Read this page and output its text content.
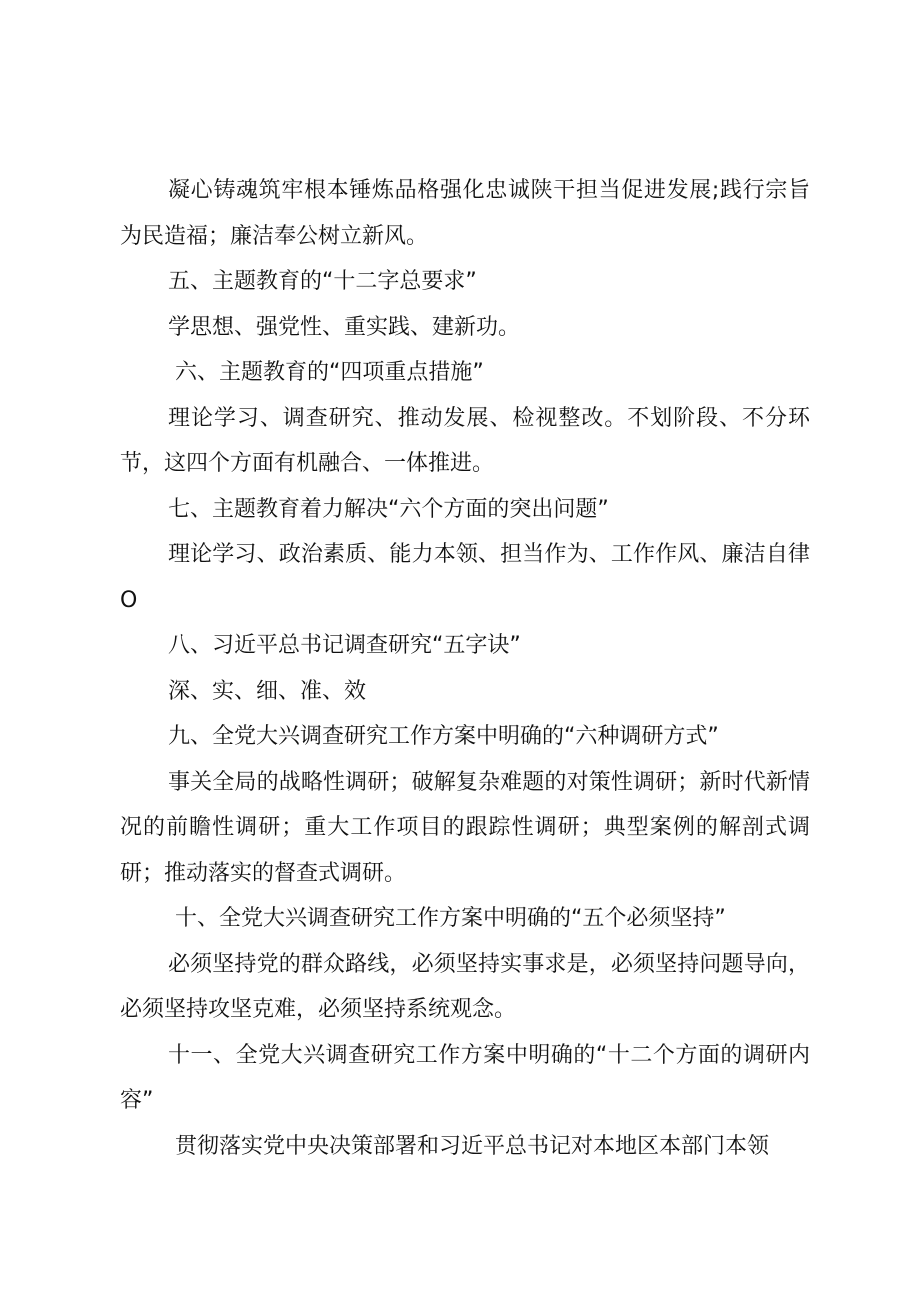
凝心铸魂筑牢根本锤炼品格强化忠诚陕干担当促进发展;践行宗旨为民造福；廉洁奉公树立新风。

五、主题教育的“十二字总要求”

学思想、强党性、重实践、建新功。

六、主题教育的“四项重点措施”

理论学习、调查研究、推动发展、检视整改。不划阶段、不分环节，这四个方面有机融合、一体推进。

七、主题教育着力解决“六个方面的突出问题”

理论学习、政治素质、能力本领、担当作为、工作作风、廉洁自律O

八、习近平总书记调查研究“五字诀”

深、实、细、准、效

九、全党大兴调查研究工作方案中明确的“六种调研方式”

事关全局的战略性调研；破解复杂难题的对策性调研；新时代新情况的前瞻性调研；重大工作项目的跟踪性调研；典型案例的解剖式调研；推动落实的督查式调研。

十、全党大兴调查研究工作方案中明确的“五个必须坚持”

必须坚持党的群众路线，必须坚持实事求是，必须坚持问题导向，必须坚持攻坚克难，必须坚持系统观念。

十一、全党大兴调查研究工作方案中明确的“十二个方面的调研内容”

贯彻落实党中央决策部署和习近平总书记对本地区本部门本领
